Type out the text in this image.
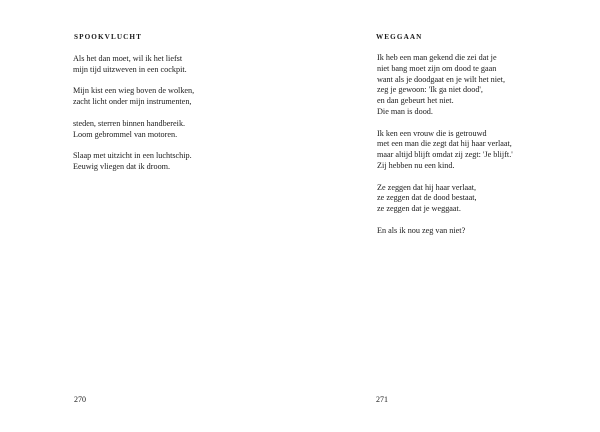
SPOOKVLUCHT

Als het dan moet, wil ik het liefst
mijn tijd uitzweven in een cockpit.

Mijn kist een wieg boven de wolken,
zacht licht onder mijn instrumenten,

steden, sterren binnen handbereik.
Loom gebrommel van motoren.

Slaap met uitzicht in een luchtschip.
Eeuwig vliegen dat ik droom.

270

WEGGAAN

Ik heb een man gekend die zei dat je
niet bang moet zijn om dood te gaan
want als je doodgaat en je wilt het niet,
zeg je gewoon: 'Ik ga niet dood',
en dan gebeurt het niet.
Die man is dood.

Ik ken een vrouw die is getrouwd
met een man die zegt dat hij haar verlaat,
maar altijd blijft omdat zij zegt: 'Je blijft.'
Zij hebben nu een kind.

Ze zeggen dat hij haar verlaat,
ze zeggen dat de dood bestaat,
ze zeggen dat je weggaat.

En als ik nou zeg van niet?

271
